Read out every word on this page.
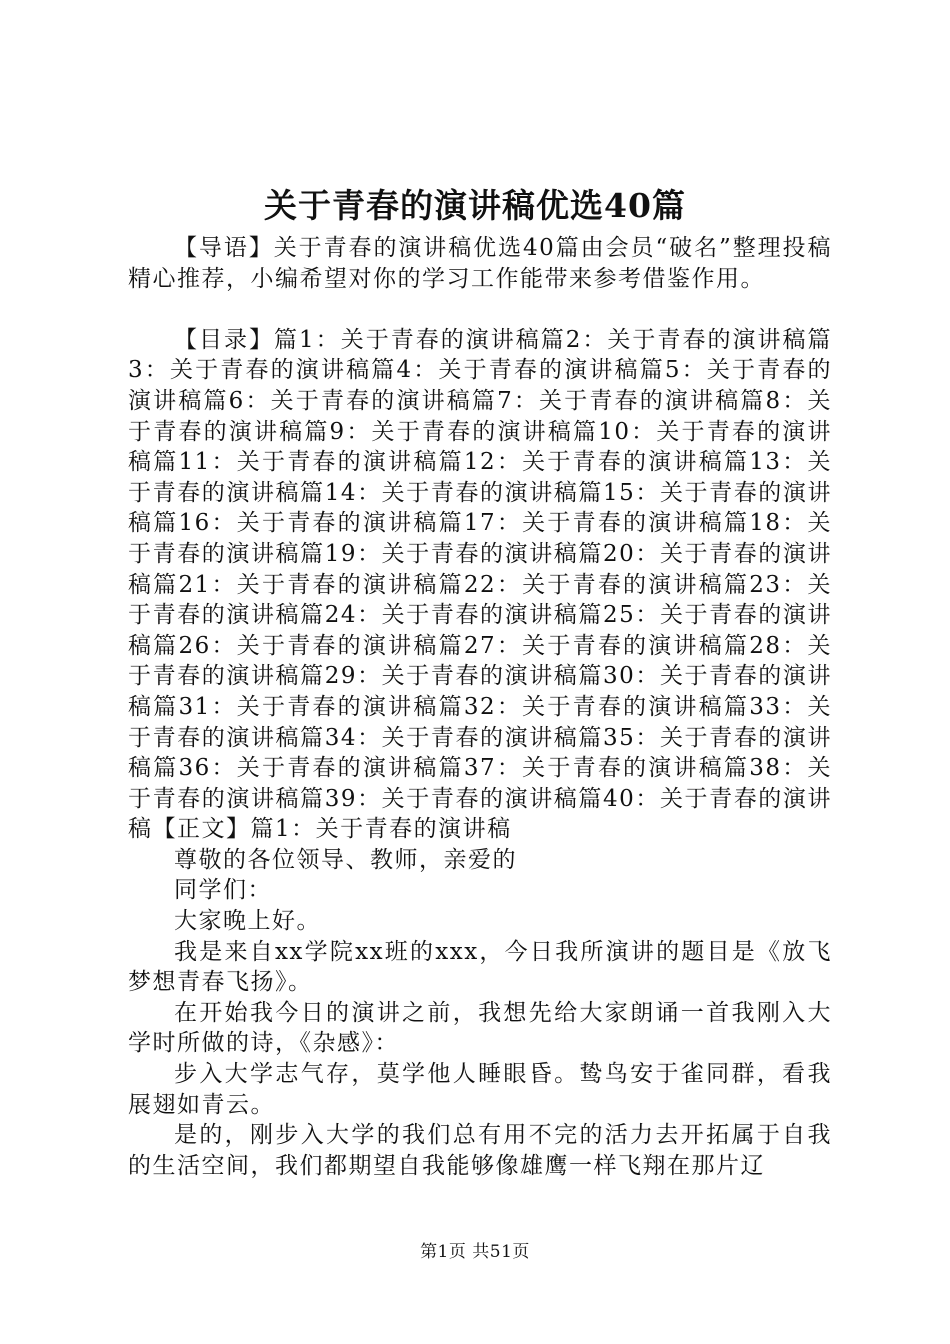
关于青春的演讲稿优选40篇

【导语】关于青春的演讲稿优选40篇由会员“破名”整理投稿精心推荐，小编希望对你的学习工作能带来参考借鉴作用。

【目录】篇1：关于青春的演讲稿篇2：关于青春的演讲稿篇3：关于青春的演讲稿篇4：关于青春的演讲稿篇5：关于青春的演讲稿篇6：关于青春的演讲稿篇7：关于青春的演讲稿篇8：关于青春的演讲稿篇9：关于青春的演讲稿篇10：关于青春的演讲稿篇11：关于青春的演讲稿篇12：关于青春的演讲稿篇13：关于青春的演讲稿篇14：关于青春的演讲稿篇15：关于青春的演讲稿篇16：关于青春的演讲稿篇17：关于青春的演讲稿篇18：关于青春的演讲稿篇19：关于青春的演讲稿篇20：关于青春的演讲稿篇21：关于青春的演讲稿篇22：关于青春的演讲稿篇23：关于青春的演讲稿篇24：关于青春的演讲稿篇25：关于青春的演讲稿篇26：关于青春的演讲稿篇27：关于青春的演讲稿篇28：关于青春的演讲稿篇29：关于青春的演讲稿篇30：关于青春的演讲稿篇31：关于青春的演讲稿篇32：关于青春的演讲稿篇33：关于青春的演讲稿篇34：关于青春的演讲稿篇35：关于青春的演讲稿篇36：关于青春的演讲稿篇37：关于青春的演讲稿篇38：关于青春的演讲稿篇39：关于青春的演讲稿篇40：关于青春的演讲稿【正文】篇1：关于青春的演讲稿

尊敬的各位领导、教师，亲爱的

同学们：

大家晚上好。

我是来自xx学院xx班的xxx，今日我所演讲的题目是《放飞梦想青春飞扬》。

在开始我今日的演讲之前，我想先给大家朗诵一首我刚入大学时所做的诗，《杂感》：

步入大学志气存，莫学他人睡眼昏。鸷鸟安于雀同群，看我展翅如青云。

是的，刚步入大学的我们总有用不完的活力去开拓属于自我的生活空间，我们都期望自我能够像雄鹰一样飞翔在那片辽

第1页 共51页
